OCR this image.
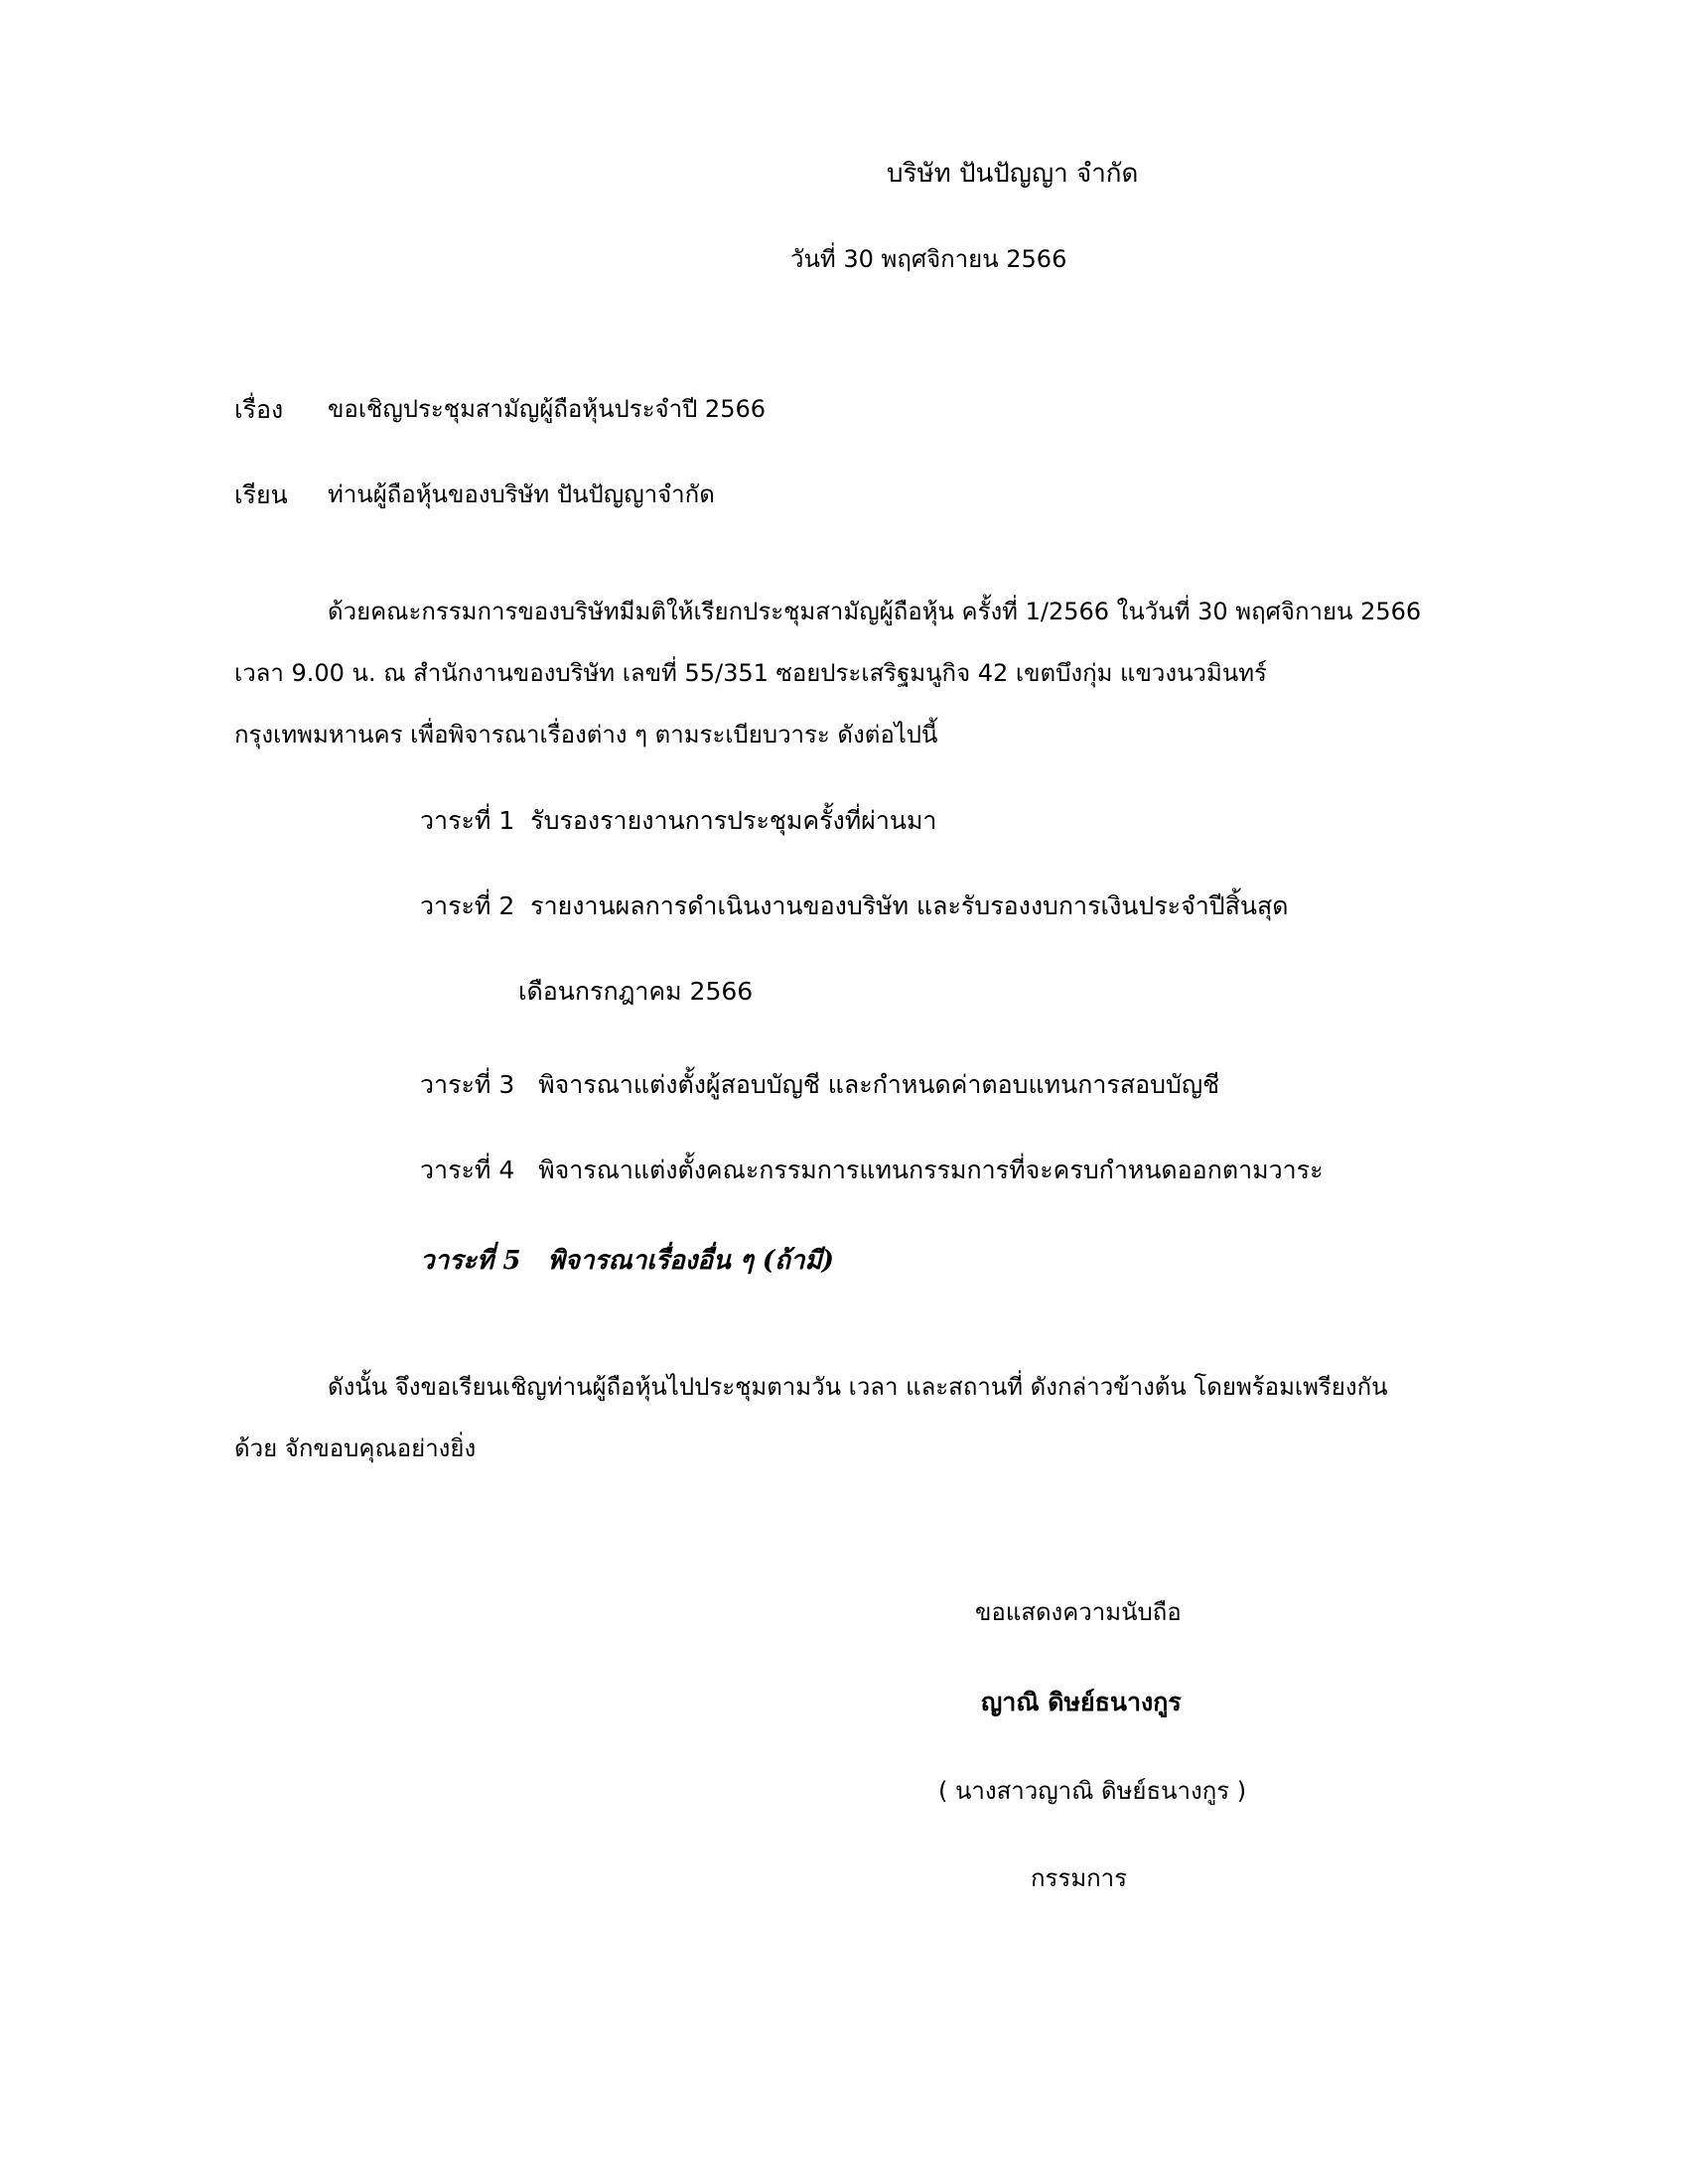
บริษัท ปันปัญญา จำกัด
วันที่ 30 พฤศจิกายน 2566
เรื่อง ขอเชิญประชุมสามัญผู้ถือหุ้นประจำปี 2566
เรียน ท่านผู้ถือหุ้นของบริษัท ปันปัญญาจำกัด
ด้วยคณะกรรมการของบริษัทมีมติให้เรียกประชุมสามัญผู้ถือหุ้น ครั้งที่ 1/2566 ในวันที่ 30 พฤศจิกายน 2566
เวลา 9.00 น. ณ สำนักงานของบริษัท เลขที่ 55/351 ซอยประเสริฐมนูกิจ 42 เขตบึงกุ่ม แขวงนวมินทร์
กรุงเทพมหานคร เพื่อพิจารณาเรื่องต่าง ๆ ตามระเบียบวาระ ดังต่อไปนี้
วาระที่ 1 รับรองรายงานการประชุมครั้งที่ผ่านมา
วาระที่ 2 รายงานผลการดำเนินงานของบริษัท และรับรองงบการเงินประจำปีสิ้นสุด
เดือนกรกฎาคม 2566
วาระที่ 3 พิจารณาแต่งตั้งผู้สอบบัญชี และกำหนดค่าตอบแทนการสอบบัญชี
วาระที่ 4 พิจารณาแต่งตั้งคณะกรรมการแทนกรรมการที่จะครบกำหนดออกตามวาระ
วาระที่ 5 พิจารณาเรื่องอื่น ๆ (ถ้ามี)
ดังนั้น จึงขอเรียนเชิญท่านผู้ถือหุ้นไปประชุมตามวัน เวลา และสถานที่ ดังกล่าวข้างต้น โดยพร้อมเพรียงกัน
ด้วย จักขอบคุณอย่างยิ่ง
ขอแสดงความนับถือ
ญาณิ ดิษย์ธนางกูร
( นางสาวญาณิ ดิษย์ธนางกูร )
กรรมการ
